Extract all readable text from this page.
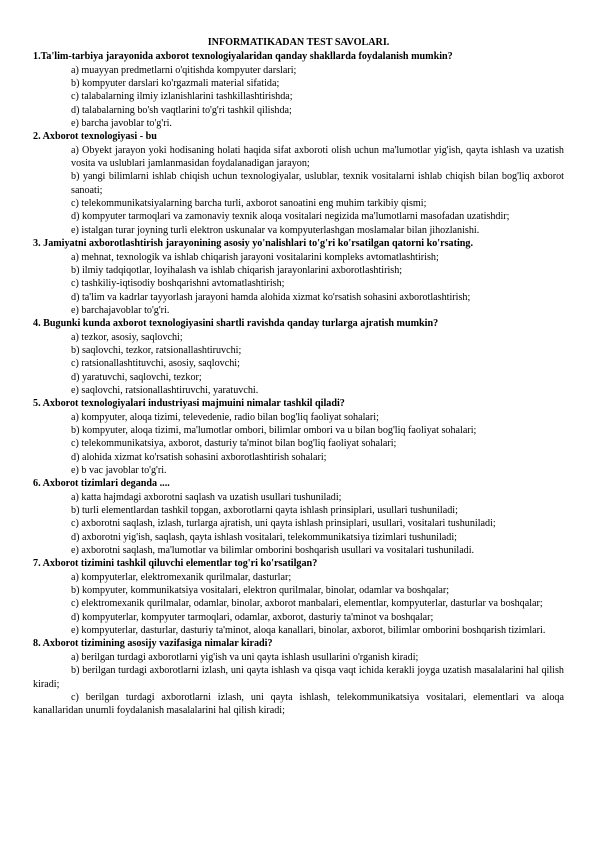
INFORMATIKADAN TEST SAVOLARI.
1.Ta'lim-tarbiya jarayonida axborot texnologiyalaridan qanday shakllarda foydalanish mumkin?
a) muayyan predmetlarni o'qitishda kompyuter darslari;
b) kompyuter darslari ko'rgazmali material sifatida;
c) talabalarning ilmiy izlanishlarini tashkillashtirishda;
d) talabalarning bo'sh vaqtlarini to'g'ri tashkil qilishda;
e) barcha javoblar to'g'ri.
2. Axborot texnologiyasi - bu
a) Obyekt jarayon yoki hodisaning holati haqida sifat axboroti olish uchun ma'lumotlar yig'ish, qayta ishlash va uzatish vosita va uslublari jamlanmasidan foydalanadigan jarayon;
b) yangi bilimlarni ishlab chiqish uchun texnologiyalar, uslublar, texnik vositalarni ishlab chiqish bilan bog'liq axborot sanoati;
c) telekommunikatsiyalarning barcha turli, axborot sanoatini eng muhim tarkibiy qismi;
d) kompyuter tarmoqlari va zamonaviy texnik aloqa vositalari negizida ma'lumotlarni masofadan uzatishdir;
e) istalgan turar joyning turli elektron uskunalar va kompyuterlashgan moslamalar bilan jihozlanishi.
3. Jamiyatni axborotlashtirish jarayonining asosiy yo'nalishlari to'g'ri ko'rsatilgan qatorni ko'rsating.
a) mehnat, texnologik va ishlab chiqarish jarayoni vositalarini kompleks avtomatlashtirish;
b) ilmiy tadqiqotlar, loyihalash va ishlab chiqarish jarayonlarini axborotlashtirish;
c) tashkiliy-iqtisodiy boshqarishni avtomatlashtirish;
d) ta'lim va kadrlar tayyorlash jarayoni hamda alohida xizmat ko'rsatish sohasini axborotlashtirish;
e) barchajavoblar to'g'ri.
4. Bugunki kunda axborot texnologiyasini shartli ravishda qanday turlarga ajratish mumkin?
a) tezkor, asosiy, saqlovchi;
b) saqlovchi, tezkor, ratsionallashtiruvchi;
c) ratsionallashtituvchi, asosiy, saqlovchi;
d) yaratuvchi, saqlovchi, tezkor;
e) saqlovchi, ratsionallashtiruvchi, yaratuvchi.
5. Axborot texnologiyalari industriyasi majmuini nimalar tashkil qiladi?
a) kompyuter, aloqa tizimi, televedenie, radio bilan bog'liq faoliyat sohalari;
b) kompyuter, aloqa tizimi, ma'lumotlar ombori, bilimlar ombori va u bilan bog'liq faoliyat sohalari;
c) telekommunikatsiya, axborot, dasturiy ta'minot bilan bog'liq faoliyat sohalari;
d) alohida xizmat ko'rsatish sohasini axborotlashtirish sohalari;
e) b vac javoblar to'g'ri.
6. Axborot tizimlari deganda ....
a) katta hajmdagi axborotni saqlash va uzatish usullari tushuniladi;
b) turli elementlardan tashkil topgan, axborotlarni qayta ishlash prinsiplari, usullari tushuniladi;
c) axborotni saqlash, izlash, turlarga ajratish, uni qayta ishlash prinsiplari, usullari, vositalari tushuniladi;
d) axborotni yig'ish, saqlash, qayta ishlash vositalari, telekommunikatsiya tizimlari tushuniladi;
e) axborotni saqlash, ma'lumotlar va bilimlar omborini boshqarish usullari va vositalari tushuniladi.
7. Axborot tizimini tashkil qiluvchi elementlar tog'ri ko'rsatilgan?
a) kompyuterlar, elektromexanik qurilmalar, dasturlar;
b) kompyuter, kommunikatsiya vositalari, elektron qurilmalar, binolar, odamlar va boshqalar;
c) elektromexanik qurilmalar, odamlar, binolar, axborot manbalari, elementlar, kompyuterlar, dasturlar va boshqalar;
d) kompyuterlar, kompyuter tarmoqlari, odamlar, axborot, dasturiy ta'minot va boshqalar;
e) kompyuterlar, dasturlar, dasturiy ta'minot, aloqa kanallari, binolar, axborot, bilimlar omborini boshqarish tizimlari.
8. Axborot tizimining asosijy vazifasiga nimalar kiradi?
a) berilgan turdagi axborotlarni yig'ish va uni qayta ishlash usullarini o'rganish kiradi;
b) berilgan turdagi axborotlarni izlash, uni qayta ishlash va qisqa vaqt ichida kerakli joyga uzatish masalalarini hal qilish kiradi;
c) berilgan turdagi axborotlarni izlash, uni qayta ishlash, telekommunikatsiya vositalari, elementlari va aloqa kanallaridan unumli foydalanish masalalarini hal qilish kiradi;
